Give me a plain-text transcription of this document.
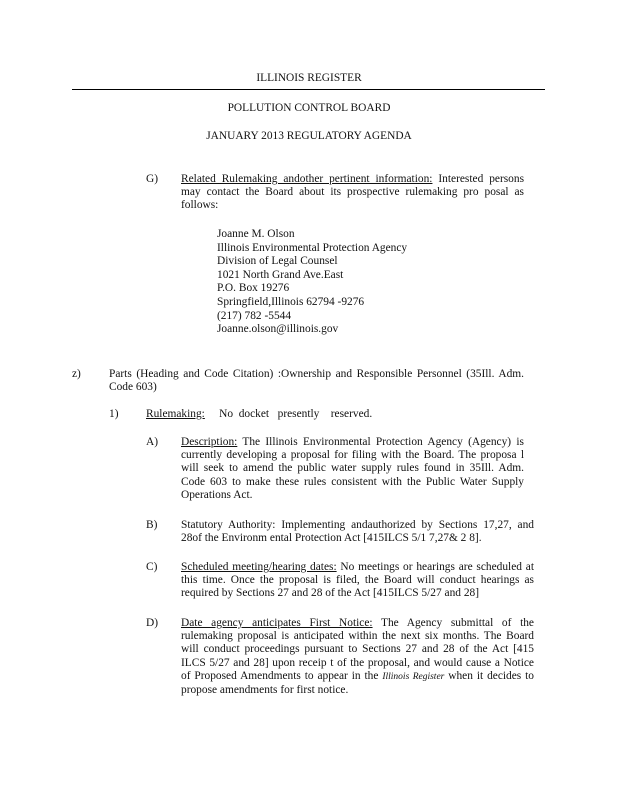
ILLINOIS REGISTER
POLLUTION CONTROL BOARD
JANUARY 2013 REGULATORY AGENDA
G) Related Rulemaking andother pertinent information: Interested persons may contact the Board about its prospective rulemaking pro posal as follows:
Joanne M. Olson
Illinois Environmental Protection Agency
Division of Legal Counsel
1021 North Grand Ave.East
P.O. Box 19276
Springfield,Illinois 62794 -9276
(217) 782 -5544
Joanne.olson@illinois.gov
z) Parts (Heading and Code Citation) :Ownership and Responsible Personnel (35Ill. Adm. Code 603)
1) Rulemaking:     No  docket   presently    reserved.
A) Description: The Illinois Environmental Protection Agency (Agency) is currently developing a proposal for filing with the Board. The proposa l will seek to amend the public water supply rules found in 35Ill. Adm. Code 603 to make these rules consistent with the Public Water Supply Operations Act.
B) Statutory Authority: Implementing andauthorized by Sections 17,27, and 28of the Environm ental Protection Act [415ILCS 5/1 7,27& 2 8].
C) Scheduled meeting/hearing dates: No meetings or hearings are scheduled at this time. Once the proposal is filed, the Board will conduct hearings as required by Sections 27 and 28 of the Act [415ILCS 5/27 and 28]
D) Date agency anticipates First Notice: The Agency submittal of the rulemaking proposal is anticipated within the next six months. The Board will conduct proceedings pursuant to Sections 27 and 28 of the Act [415 ILCS 5/27 and 28] upon receip t of the proposal, and would cause a Notice of Proposed Amendments to appear in the Illinois Register when it decides to propose amendments for first notice.
